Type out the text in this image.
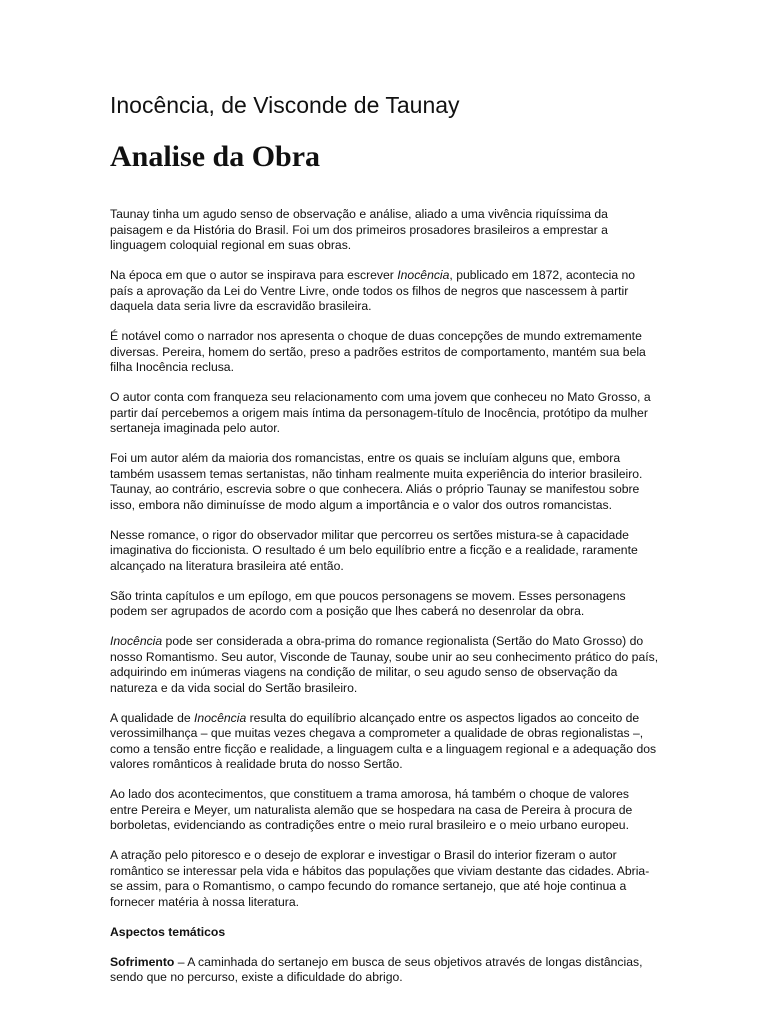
Inocência, de Visconde de Taunay
Analise da Obra

Taunay tinha um agudo senso de observação e análise, aliado a uma vivência riquíssima da paisagem e da História do Brasil. Foi um dos primeiros prosadores brasileiros a emprestar a linguagem coloquial regional em suas obras.

Na época em que o autor se inspirava para escrever Inocência, publicado em 1872, acontecia no país a aprovação da Lei do Ventre Livre, onde todos os filhos de negros que nascessem à partir daquela data seria livre da escravidão brasileira.

É notável como o narrador nos apresenta o choque de duas concepções de mundo extremamente diversas. Pereira, homem do sertão, preso a padrões estritos de comportamento, mantém sua bela filha Inocência reclusa.

O autor conta com franqueza seu relacionamento com uma jovem que conheceu no Mato Grosso, a partir daí percebemos a origem mais íntima da personagem-título de Inocência, protótipo da mulher sertaneja imaginada pelo autor.

Foi um autor além da maioria dos romancistas, entre os quais se incluíam alguns que, embora também usassem temas sertanistas, não tinham realmente muita experiência do interior brasileiro. Taunay, ao contrário, escrevia sobre o que conhecera. Aliás o próprio Taunay se manifestou sobre isso, embora não diminuísse de modo algum a importância e o valor dos outros romancistas.

Nesse romance, o rigor do observador militar que percorreu os sertões mistura-se à capacidade imaginativa do ficcionista. O resultado é um belo equilíbrio entre a ficção e a realidade, raramente alcançado na literatura brasileira até então.

São trinta capítulos e um epílogo, em que poucos personagens se movem. Esses personagens podem ser agrupados de acordo com a posição que lhes caberá no desenrolar da obra.

Inocência pode ser considerada a obra-prima do romance regionalista (Sertão do Mato Grosso) do nosso Romantismo. Seu autor, Visconde de Taunay, soube unir ao seu conhecimento prático do país, adquirindo em inúmeras viagens na condição de militar, o seu agudo senso de observação da natureza e da vida social do Sertão brasileiro.

A qualidade de Inocência resulta do equilíbrio alcançado entre os aspectos ligados ao conceito de verossimilhança – que muitas vezes chegava a comprometer a qualidade de obras regionalistas –, como a tensão entre ficção e realidade, a linguagem culta e a linguagem regional e a adequação dos valores românticos à realidade bruta do nosso Sertão.

Ao lado dos acontecimentos, que constituem a trama amorosa, há também o choque de valores entre Pereira e Meyer, um naturalista alemão que se hospedara na casa de Pereira à procura de borboletas, evidenciando as contradições entre o meio rural brasileiro e o meio urbano europeu.

A atração pelo pitoresco e o desejo de explorar e investigar o Brasil do interior fizeram o autor romântico se interessar pela vida e hábitos das populações que viviam destante das cidades. Abria-se assim, para o Romantismo, o campo fecundo do romance sertanejo, que até hoje continua a fornecer matéria à nossa literatura.

Aspectos temáticos

Sofrimento – A caminhada do sertanejo em busca de seus objetivos através de longas distâncias, sendo que no percurso, existe a dificuldade do abrigo.
